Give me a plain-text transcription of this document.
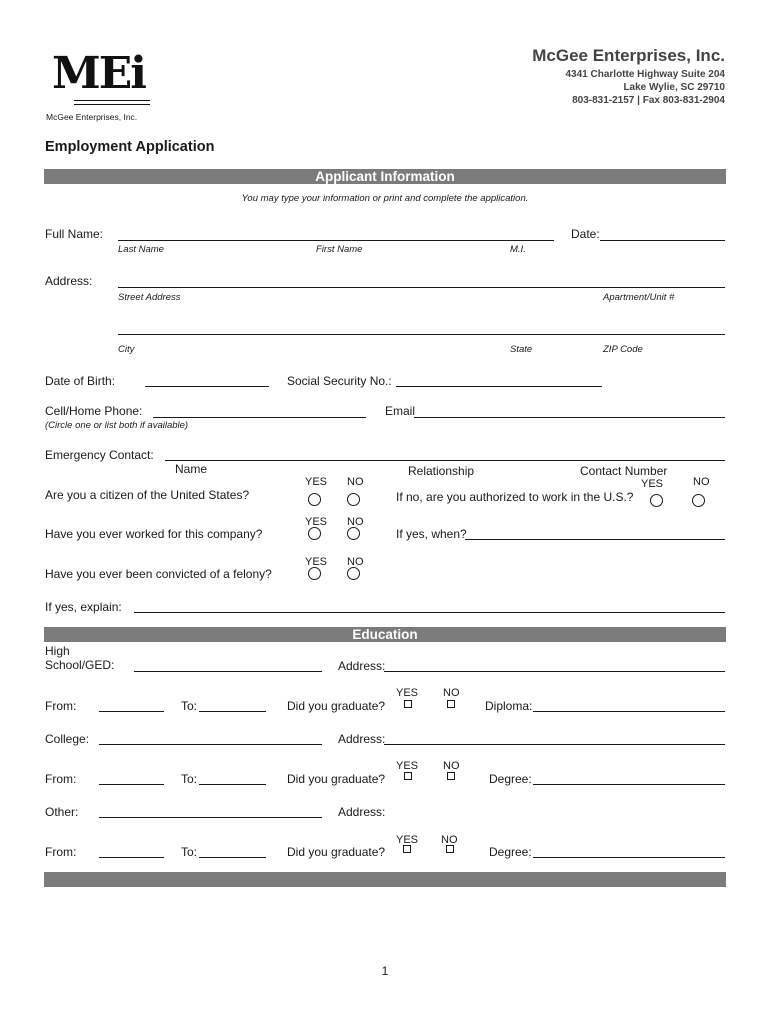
MEi
McGee Enterprises, Inc.
McGee Enterprises, Inc.
4341 Charlotte Highway Suite 204
Lake Wylie, SC 29710
803-831-2157 | Fax 803-831-2904
Employment Application
Applicant Information
You may type your information or print and complete the application.
Full Name:
Last Name	First Name	M.I.
Date:
Address:
Street Address	Apartment/Unit #
City	State	ZIP Code
Date of Birth:	Social Security No.:
Cell/Home Phone:
(Circle one or list both if available)
Email
Emergency Contact:
Name	Relationship	Contact Number
YES NO
Are you a citizen of the United States?	If no, are you authorized to work in the U.S.?
YES	NO
YES NO
Have you ever worked for this company?	If yes, when?
YES NO
Have you ever been convicted of a felony?
If yes, explain:
Education
High School/GED:	Address:
YES NO
From:	To:	Did you graduate?	Diploma:
College:	Address:
YES NO
From:	To:	Did you graduate?	Degree:
Other:	Address:
YES NO
From:	To:	Did you graduate?	Degree:
1
